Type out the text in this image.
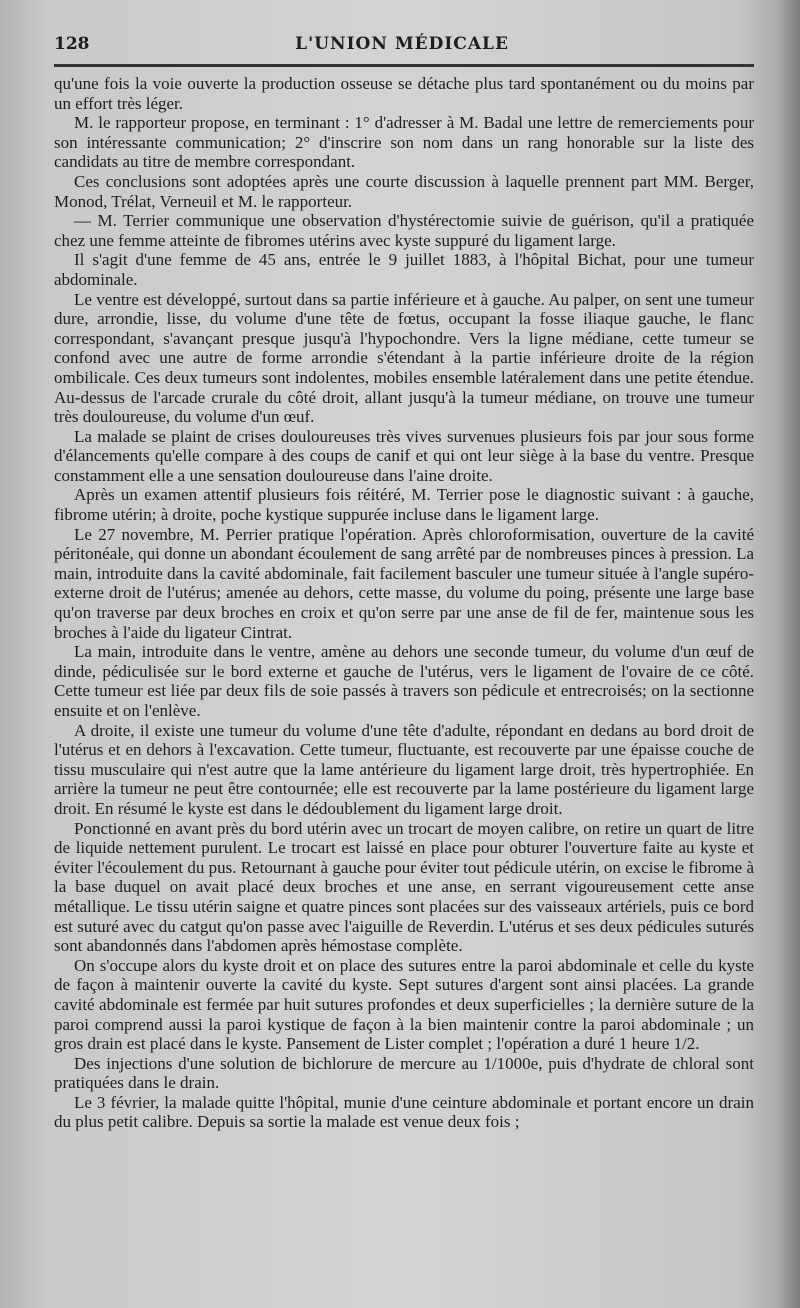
128	L'UNION MÉDICALE

qu'une fois la voie ouverte la production osseuse se détache plus tard spontanément ou du moins par un effort très léger.

M. le rapporteur propose, en terminant : 1° d'adresser à M. Badal une lettre de remerciements pour son intéressante communication; 2° d'inscrire son nom dans un rang honorable sur la liste des candidats au titre de membre correspondant.

Ces conclusions sont adoptées après une courte discussion à laquelle prennent part MM. Berger, Monod, Trélat, Verneuil et M. le rapporteur.

— M. Terrier communique une observation d'hystérectomie suivie de guérison, qu'il a pratiquée chez une femme atteinte de fibromes utérins avec kyste suppuré du ligament large.

Il s'agit d'une femme de 45 ans, entrée le 9 juillet 1883, à l'hôpital Bichat, pour une tumeur abdominale.

Le ventre est développé, surtout dans sa partie inférieure et à gauche. Au palper, on sent une tumeur dure, arrondie, lisse, du volume d'une tête de fœtus, occupant la fosse iliaque gauche, le flanc correspondant, s'avançant presque jusqu'à l'hypochondre. Vers la ligne médiane, cette tumeur se confond avec une autre de forme arrondie s'étendant à la partie inférieure droite de la région ombilicale. Ces deux tumeurs sont indolentes, mobiles ensemble latéralement dans une petite étendue. Au-dessus de l'arcade crurale du côté droit, allant jusqu'à la tumeur médiane, on trouve une tumeur très douloureuse, du volume d'un œuf.

La malade se plaint de crises douloureuses très vives survenues plusieurs fois par jour sous forme d'élancements qu'elle compare à des coups de canif et qui ont leur siège à la base du ventre. Presque constamment elle a une sensation douloureuse dans l'aine droite.

Après un examen attentif plusieurs fois réitéré, M. Terrier pose le diagnostic suivant : à gauche, fibrome utérin; à droite, poche kystique suppurée incluse dans le ligament large.

Le 27 novembre, M. Perrier pratique l'opération. Après chloroformisation, ouverture de la cavité péritonéale, qui donne un abondant écoulement de sang arrêté par de nombreuses pinces à pression. La main, introduite dans la cavité abdominale, fait facilement basculer une tumeur située à l'angle supéro-externe droit de l'utérus; amenée au dehors, cette masse, du volume du poing, présente une large base qu'on traverse par deux broches en croix et qu'on serre par une anse de fil de fer, maintenue sous les broches à l'aide du ligateur Cintrat.

La main, introduite dans le ventre, amène au dehors une seconde tumeur, du volume d'un œuf de dinde, pédiculisée sur le bord externe et gauche de l'utérus, vers le ligament de l'ovaire de ce côté. Cette tumeur est liée par deux fils de soie passés à travers son pédicule et entrecroisés; on la sectionne ensuite et on l'enlève.

A droite, il existe une tumeur du volume d'une tête d'adulte, répondant en dedans au bord droit de l'utérus et en dehors à l'excavation. Cette tumeur, fluctuante, est recouverte par une épaisse couche de tissu musculaire qui n'est autre que la lame antérieure du ligament large droit, très hypertrophiée. En arrière la tumeur ne peut être contournée; elle est recouverte par la lame postérieure du ligament large droit. En résumé le kyste est dans le dédoublement du ligament large droit.

Ponctionné en avant près du bord utérin avec un trocart de moyen calibre, on retire un quart de litre de liquide nettement purulent. Le trocart est laissé en place pour obturer l'ouverture faite au kyste et éviter l'écoulement du pus. Retournant à gauche pour éviter tout pédicule utérin, on excise le fibrome à la base duquel on avait placé deux broches et une anse, en serrant vigoureusement cette anse métallique. Le tissu utérin saigne et quatre pinces sont placées sur des vaisseaux artériels, puis ce bord est suturé avec du catgut qu'on passe avec l'aiguille de Reverdin. L'utérus et ses deux pédicules suturés sont abandonnés dans l'abdomen après hémostase complète.

On s'occupe alors du kyste droit et on place des sutures entre la paroi abdominale et celle du kyste de façon à maintenir ouverte la cavité du kyste. Sept sutures d'argent sont ainsi placées. La grande cavité abdominale est fermée par huit sutures profondes et deux superficielles ; la dernière suture de la paroi comprend aussi la paroi kystique de façon à la bien maintenir contre la paroi abdominale ; un gros drain est placé dans le kyste. Pansement de Lister complet ; l'opération a duré 1 heure 1/2.

Des injections d'une solution de bichlorure de mercure au 1/1000e, puis d'hydrate de chloral sont pratiquées dans le drain.

Le 3 février, la malade quitte l'hôpital, munie d'une ceinture abdominale et portant encore un drain du plus petit calibre. Depuis sa sortie la malade est venue deux fois ;
